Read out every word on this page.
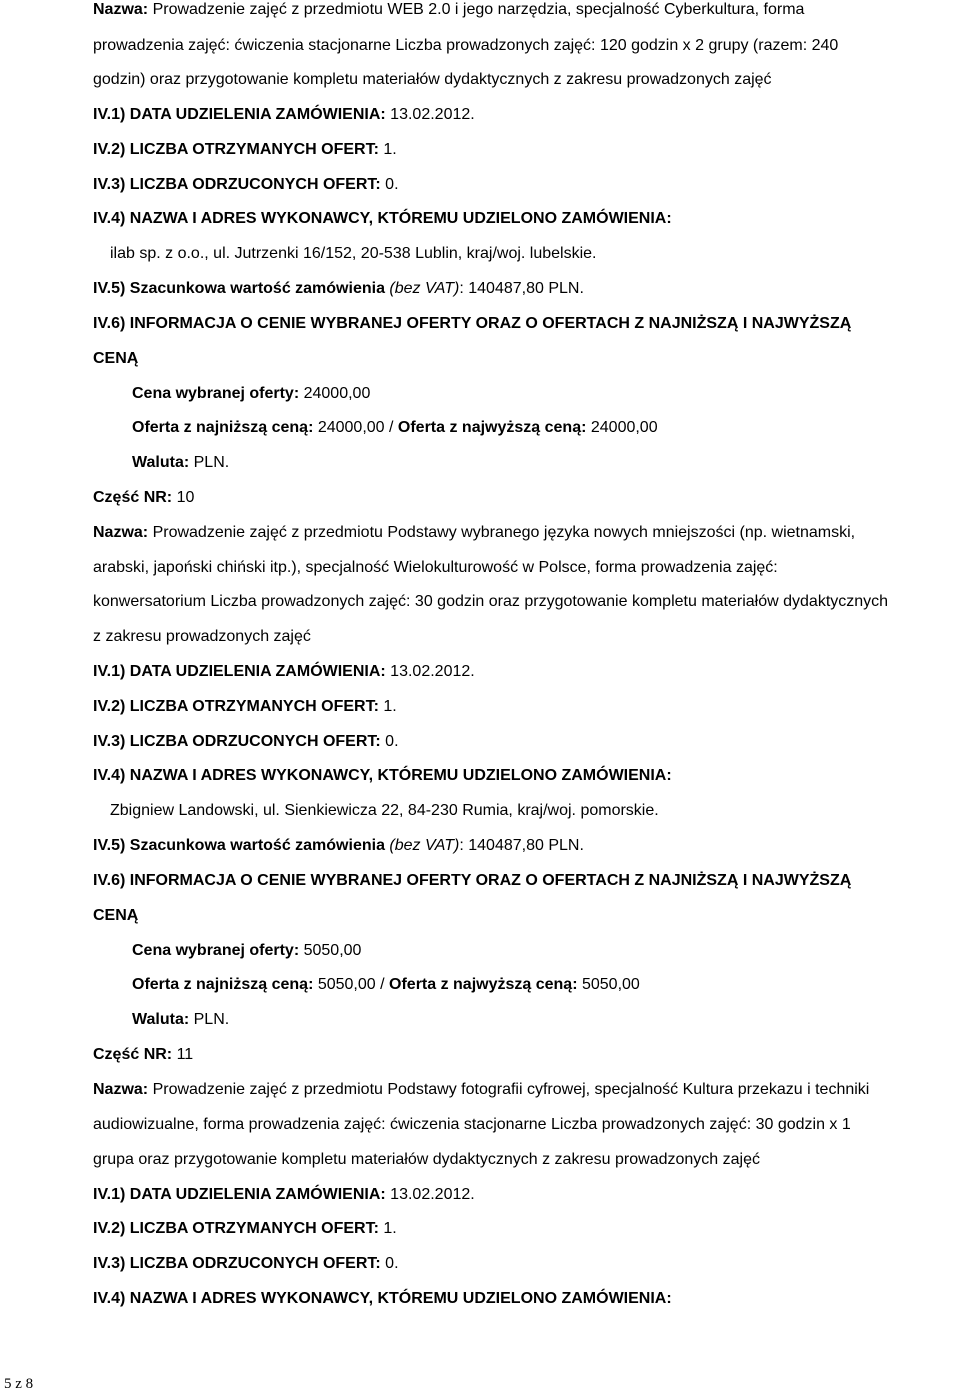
Nazwa: Prowadzenie zajęć z przedmiotu WEB 2.0 i jego narzędzia, specjalność Cyberkultura, forma
prowadzenia zajęć: ćwiczenia stacjonarne Liczba prowadzonych zajęć: 120 godzin x 2 grupy (razem: 240
godzin) oraz przygotowanie kompletu materiałów dydaktycznych z zakresu prowadzonych zajęć
IV.1) DATA UDZIELENIA ZAMÓWIENIA: 13.02.2012.
IV.2) LICZBA OTRZYMANYCH OFERT: 1.
IV.3) LICZBA ODRZUCONYCH OFERT: 0.
IV.4) NAZWA I ADRES WYKONAWCY, KTÓREMU UDZIELONO ZAMÓWIENIA:
ilab sp. z o.o., ul. Jutrzenki 16/152, 20-538 Lublin, kraj/woj. lubelskie.
IV.5) Szacunkowa wartość zamówienia (bez VAT): 140487,80 PLN.
IV.6) INFORMACJA O CENIE WYBRANEJ OFERTY ORAZ O OFERTACH Z NAJNIŻSZĄ I NAJWYŻSZĄ
CENĄ
Cena wybranej oferty: 24000,00
Oferta z najniższą ceną: 24000,00 / Oferta z najwyższą ceną: 24000,00
Waluta: PLN.
Część NR: 10
Nazwa: Prowadzenie zajęć z przedmiotu Podstawy wybranego języka nowych mniejszości (np. wietnamski,
arabski, japoński chiński itp.), specjalność Wielokulturowość w Polsce, forma prowadzenia zajęć:
konwersatorium Liczba prowadzonych zajęć: 30 godzin oraz przygotowanie kompletu materiałów dydaktycznych
z zakresu prowadzonych zajęć
IV.1) DATA UDZIELENIA ZAMÓWIENIA: 13.02.2012.
IV.2) LICZBA OTRZYMANYCH OFERT: 1.
IV.3) LICZBA ODRZUCONYCH OFERT: 0.
IV.4) NAZWA I ADRES WYKONAWCY, KTÓREMU UDZIELONO ZAMÓWIENIA:
Zbigniew Landowski, ul. Sienkiewicza 22, 84-230 Rumia, kraj/woj. pomorskie.
IV.5) Szacunkowa wartość zamówienia (bez VAT): 140487,80 PLN.
IV.6) INFORMACJA O CENIE WYBRANEJ OFERTY ORAZ O OFERTACH Z NAJNIŻSZĄ I NAJWYŻSZĄ
CENĄ
Cena wybranej oferty: 5050,00
Oferta z najniższą ceną: 5050,00 / Oferta z najwyższą ceną: 5050,00
Waluta: PLN.
Część NR: 11
Nazwa: Prowadzenie zajęć z przedmiotu Podstawy fotografii cyfrowej, specjalność Kultura przekazu i techniki
audiowizualne, forma prowadzenia zajęć: ćwiczenia stacjonarne Liczba prowadzonych zajęć: 30 godzin x 1
grupa oraz przygotowanie kompletu materiałów dydaktycznych z zakresu prowadzonych zajęć
IV.1) DATA UDZIELENIA ZAMÓWIENIA: 13.02.2012.
IV.2) LICZBA OTRZYMANYCH OFERT: 1.
IV.3) LICZBA ODRZUCONYCH OFERT: 0.
IV.4) NAZWA I ADRES WYKONAWCY, KTÓREMU UDZIELONO ZAMÓWIENIA:
5 z 8
